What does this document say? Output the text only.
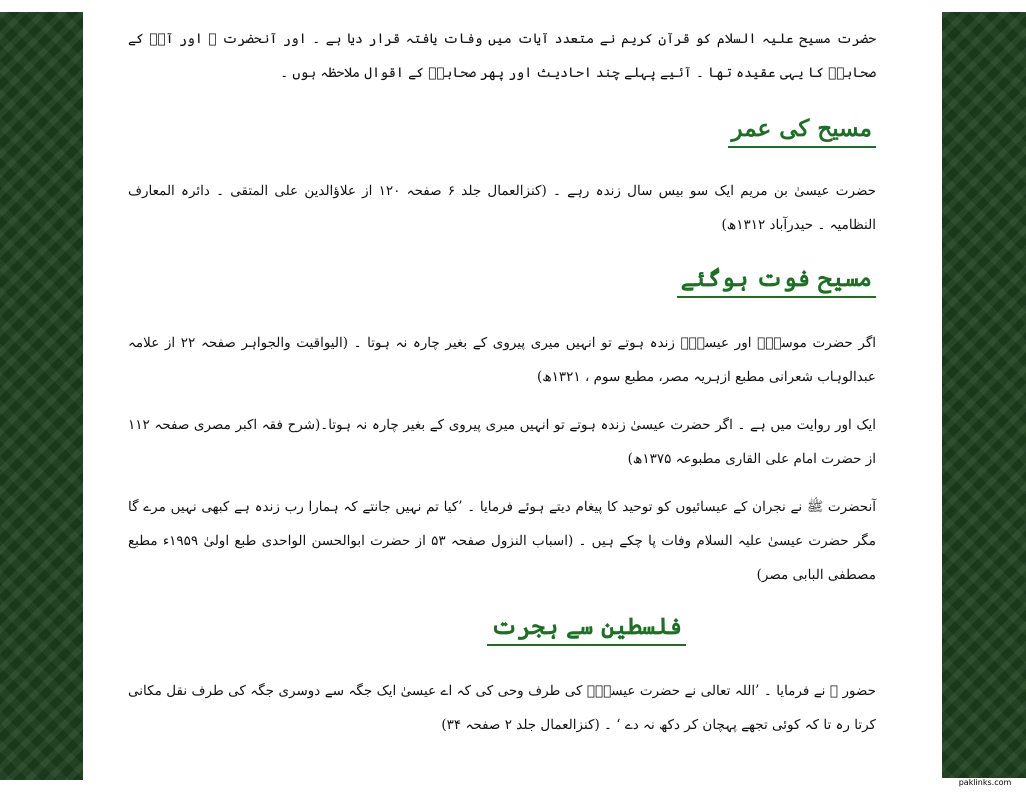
حضرت مسیح علیہ السلام کو قرآن کریم نے متعدد آیات میں وفات یافتہ قرار دیا ہے ۔ اور آنحضرت ﷺ اور آپؐ کے صحابہؓ کا یہی عقیدہ تھا ۔ آئیے پہلے چند احادیث اور پھر صحابہؓ کے اقوال ملاحظہ ہوں ۔

مسیح کی عمر

حضرت عیسیٰ بن مریم ایک سو بیس سال زندہ رہے ۔ (کنزالعمال جلد ۶ صفحہ ۱۲۰ از علاؤالدین علی المتقی ۔ دائرہ المعارف النظامیہ ۔ حیدرآباد ۱۳۱۲ھ)

مسیح فوت ہوگئے

اگر حضرت موسیٰؑ اور عیسیٰؑ زندہ ہوتے تو انہیں میری پیروی کے بغیر چارہ نہ ہوتا ۔ (الیواقیت والجواہر صفحہ ۲۲ از علامہ عبدالوہاب شعرانی مطبع ازہریہ مصر، مطبع سوم ، ۱۳۲۱ھ)

ایک اور روایت میں ہے ۔ اگر حضرت عیسیٰ زندہ ہوتے تو انہیں میری پیروی کے بغیر چارہ نہ ہوتا۔(شرح فقہ اکبر مصری صفحہ ۱۱۲ از حضرت امام علی القاری مطبوعہ ۱۳۷۵ھ)

آنحضرت ﷺ نے نجران کے عیسائیوں کو توحید کا پیغام دیتے ہوئے فرمایا ۔ ’کیا تم نہیں جانتے کہ ہمارا رب زندہ ہے کبھی نہیں مرے گا مگر حضرت عیسیٰ علیہ السلام وفات پا چکے ہیں ۔ (اسباب النزول صفحہ ۵۳ از حضرت ابوالحسن الواحدی طبع اولیٰ ۱۹۵۹ء مطبع مصطفی البابی مصر)

فلسطین سے ہجرت

حضور ﷺ نے فرمایا ۔ ’اللہ تعالی نے حضرت عیسیٰؑ کی طرف وحی کی کہ اے عیسیٰ ایک جگہ سے دوسری جگہ کی طرف نقل مکانی کرتا رہ تا کہ کوئی تجھے پہچان کر دکھ نہ دے ‘ ۔ (کنزالعمال جلد ۲ صفحہ ۳۴)

paklinks.com
